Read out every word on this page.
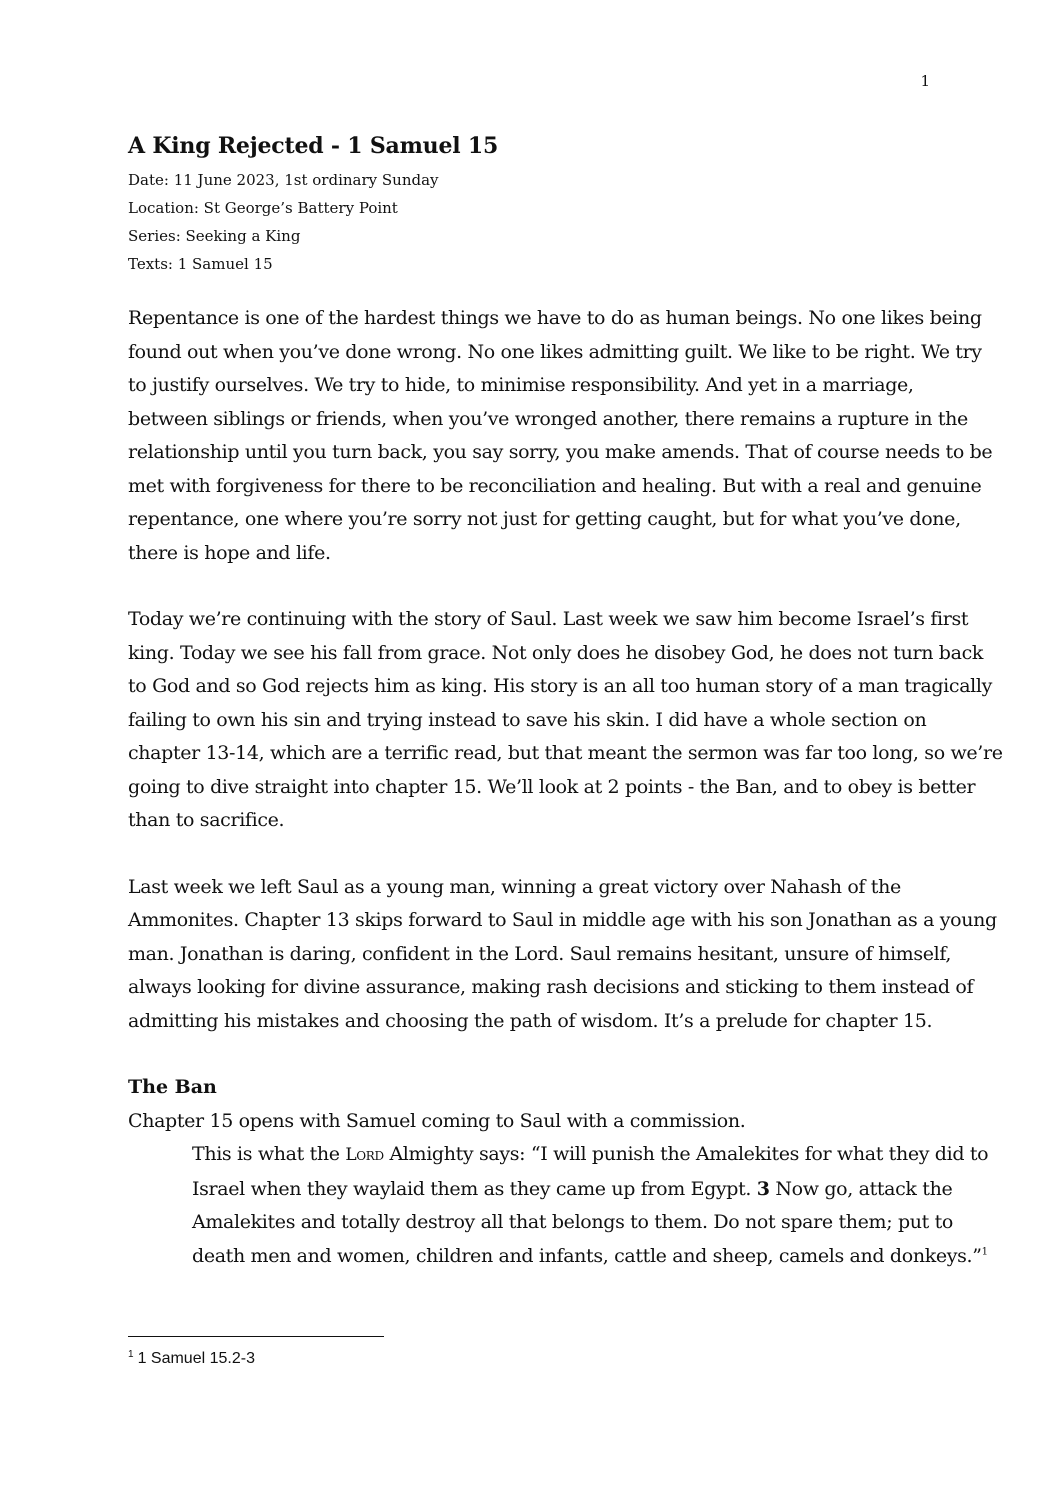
1
A King Rejected - 1 Samuel 15
Date: 11 June 2023, 1st ordinary Sunday
Location: St George’s Battery Point
Series: Seeking a King
Texts: 1 Samuel 15

Repentance is one of the hardest things we have to do as human beings. No one likes being
found out when you’ve done wrong. No one likes admitting guilt. We like to be right. We try
to justify ourselves. We try to hide, to minimise responsibility. And yet in a marriage,
between siblings or friends, when you’ve wronged another, there remains a rupture in the
relationship until you turn back, you say sorry, you make amends. That of course needs to be
met with forgiveness for there to be reconciliation and healing. But with a real and genuine
repentance, one where you’re sorry not just for getting caught, but for what you’ve done,
there is hope and life.

Today we’re continuing with the story of Saul. Last week we saw him become Israel’s first
king. Today we see his fall from grace. Not only does he disobey God, he does not turn back
to God and so God rejects him as king. His story is an all too human story of a man tragically
failing to own his sin and trying instead to save his skin. I did have a whole section on
chapter 13-14, which are a terrific read, but that meant the sermon was far too long, so we’re
going to dive straight into chapter 15. We’ll look at 2 points - the Ban, and to obey is better
than to sacrifice.

Last week we left Saul as a young man, winning a great victory over Nahash of the
Ammonites. Chapter 13 skips forward to Saul in middle age with his son Jonathan as a young
man. Jonathan is daring, confident in the Lord. Saul remains hesitant, unsure of himself,
always looking for divine assurance, making rash decisions and sticking to them instead of
admitting his mistakes and choosing the path of wisdom. It’s a prelude for chapter 15.

The Ban

Chapter 15 opens with Samuel coming to Saul with a commission.

This is what the Lord Almighty says: “I will punish the Amalekites for what they did to
Israel when they waylaid them as they came up from Egypt. 3 Now go, attack the
Amalekites and totally destroy all that belongs to them. Do not spare them; put to
death men and women, children and infants, cattle and sheep, camels and donkeys.”$^1$
$^1$ 1 Samuel 15.2-3
